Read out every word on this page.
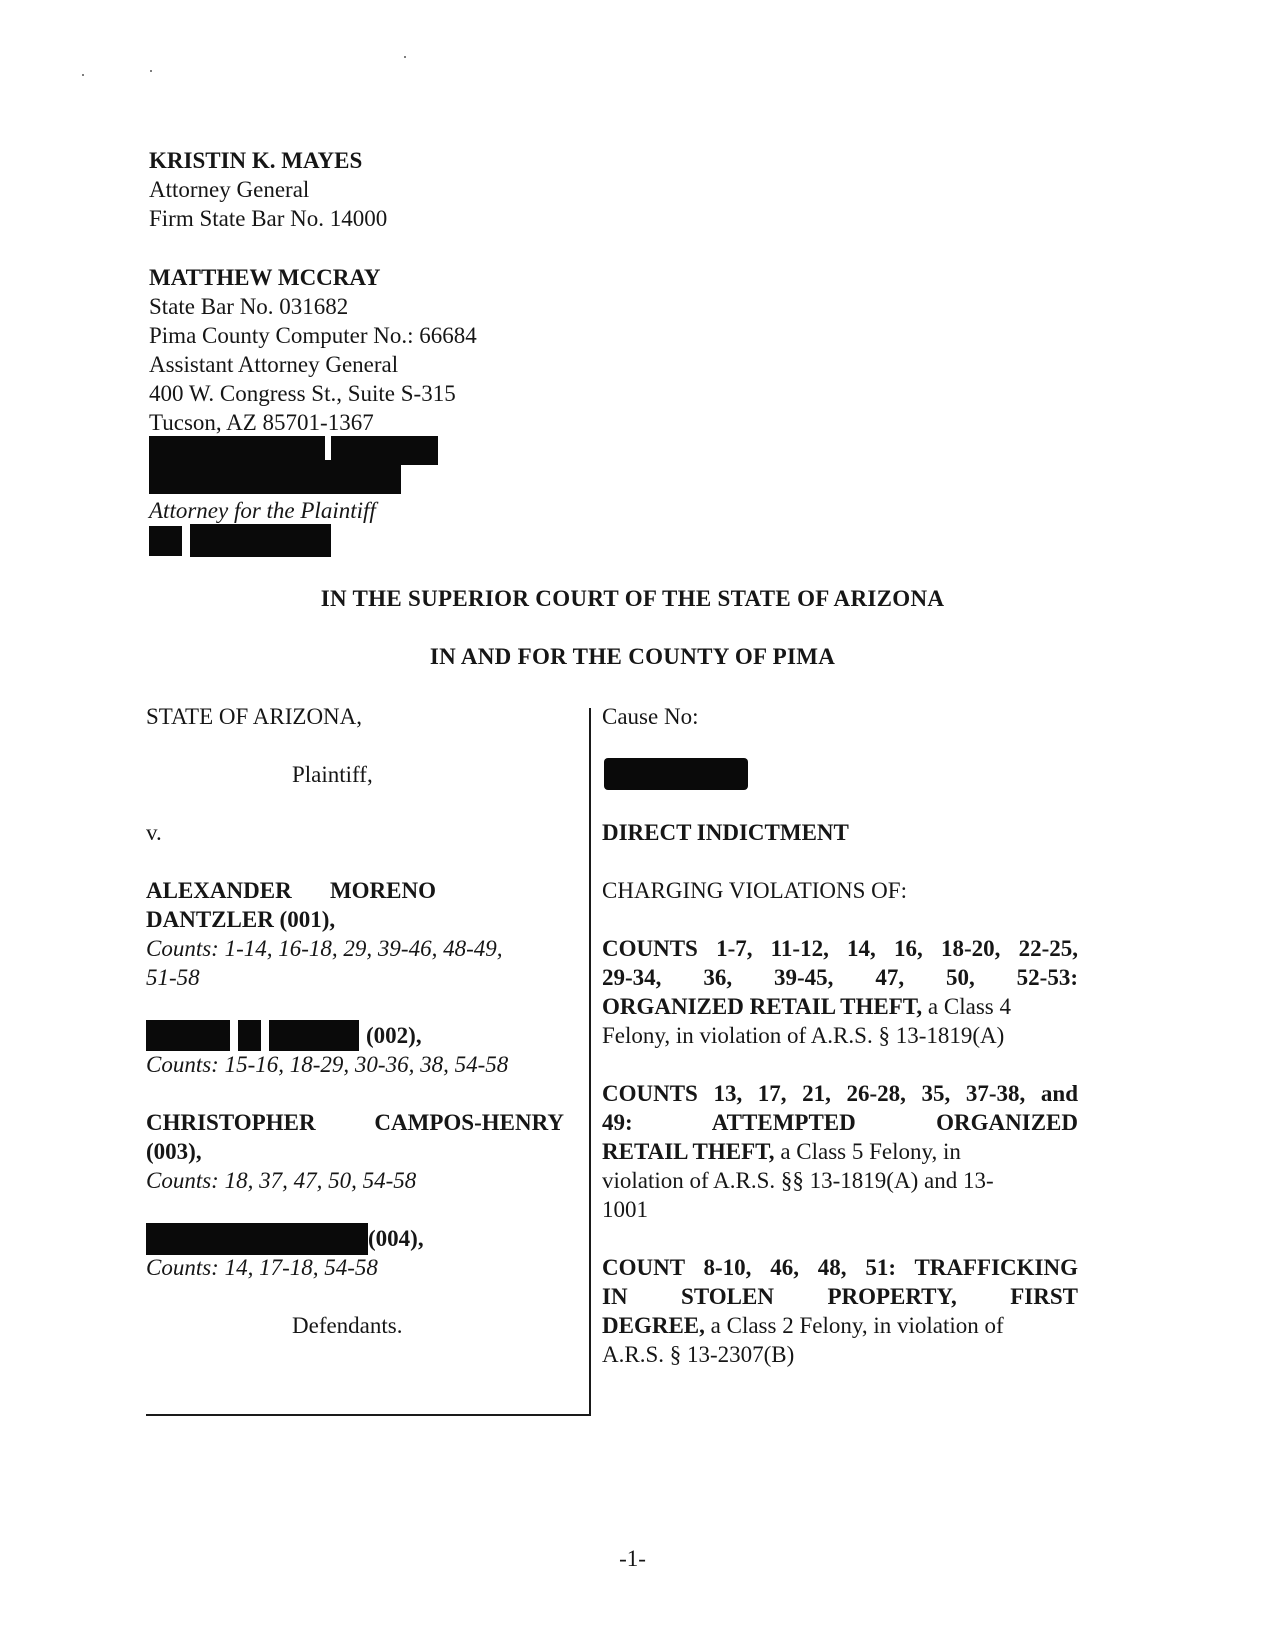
KRISTIN K. MAYES
Attorney General
Firm State Bar No. 14000
MATTHEW MCCRAY
State Bar No. 031682
Pima County Computer No.: 66684
Assistant Attorney General
400 W. Congress St., Suite S-315
Tucson, AZ 85701-1367
Attorney for the Plaintiff
IN THE SUPERIOR COURT OF THE STATE OF ARIZONA
IN AND FOR THE COUNTY OF PIMA
STATE OF ARIZONA,
Plaintiff,
v.
ALEXANDER MORENO
DANTZLER (001),
Counts: 1-14, 16-18, 29, 39-46, 48-49,
51-58
(002),
Counts: 15-16, 18-29, 30-36, 38, 54-58
CHRISTOPHER CAMPOS-HENRY
(003),
Counts: 18, 37, 47, 50, 54-58
(004),
Counts: 14, 17-18, 54-58
Defendants.
Cause No:
DIRECT INDICTMENT
CHARGING VIOLATIONS OF:
COUNTS 1-7, 11-12, 14, 16, 18-20, 22-25,
29-34, 36, 39-45, 47, 50, 52-53:
ORGANIZED RETAIL THEFT, a Class 4
Felony, in violation of A.R.S. § 13-1819(A)
COUNTS 13, 17, 21, 26-28, 35, 37-38, and
49: ATTEMPTED ORGANIZED
RETAIL THEFT, a Class 5 Felony, in
violation of A.R.S. §§ 13-1819(A) and 13-
1001
COUNT 8-10, 46, 48, 51: TRAFFICKING
IN STOLEN PROPERTY, FIRST
DEGREE, a Class 2 Felony, in violation of
A.R.S. § 13-2307(B)
-1-
